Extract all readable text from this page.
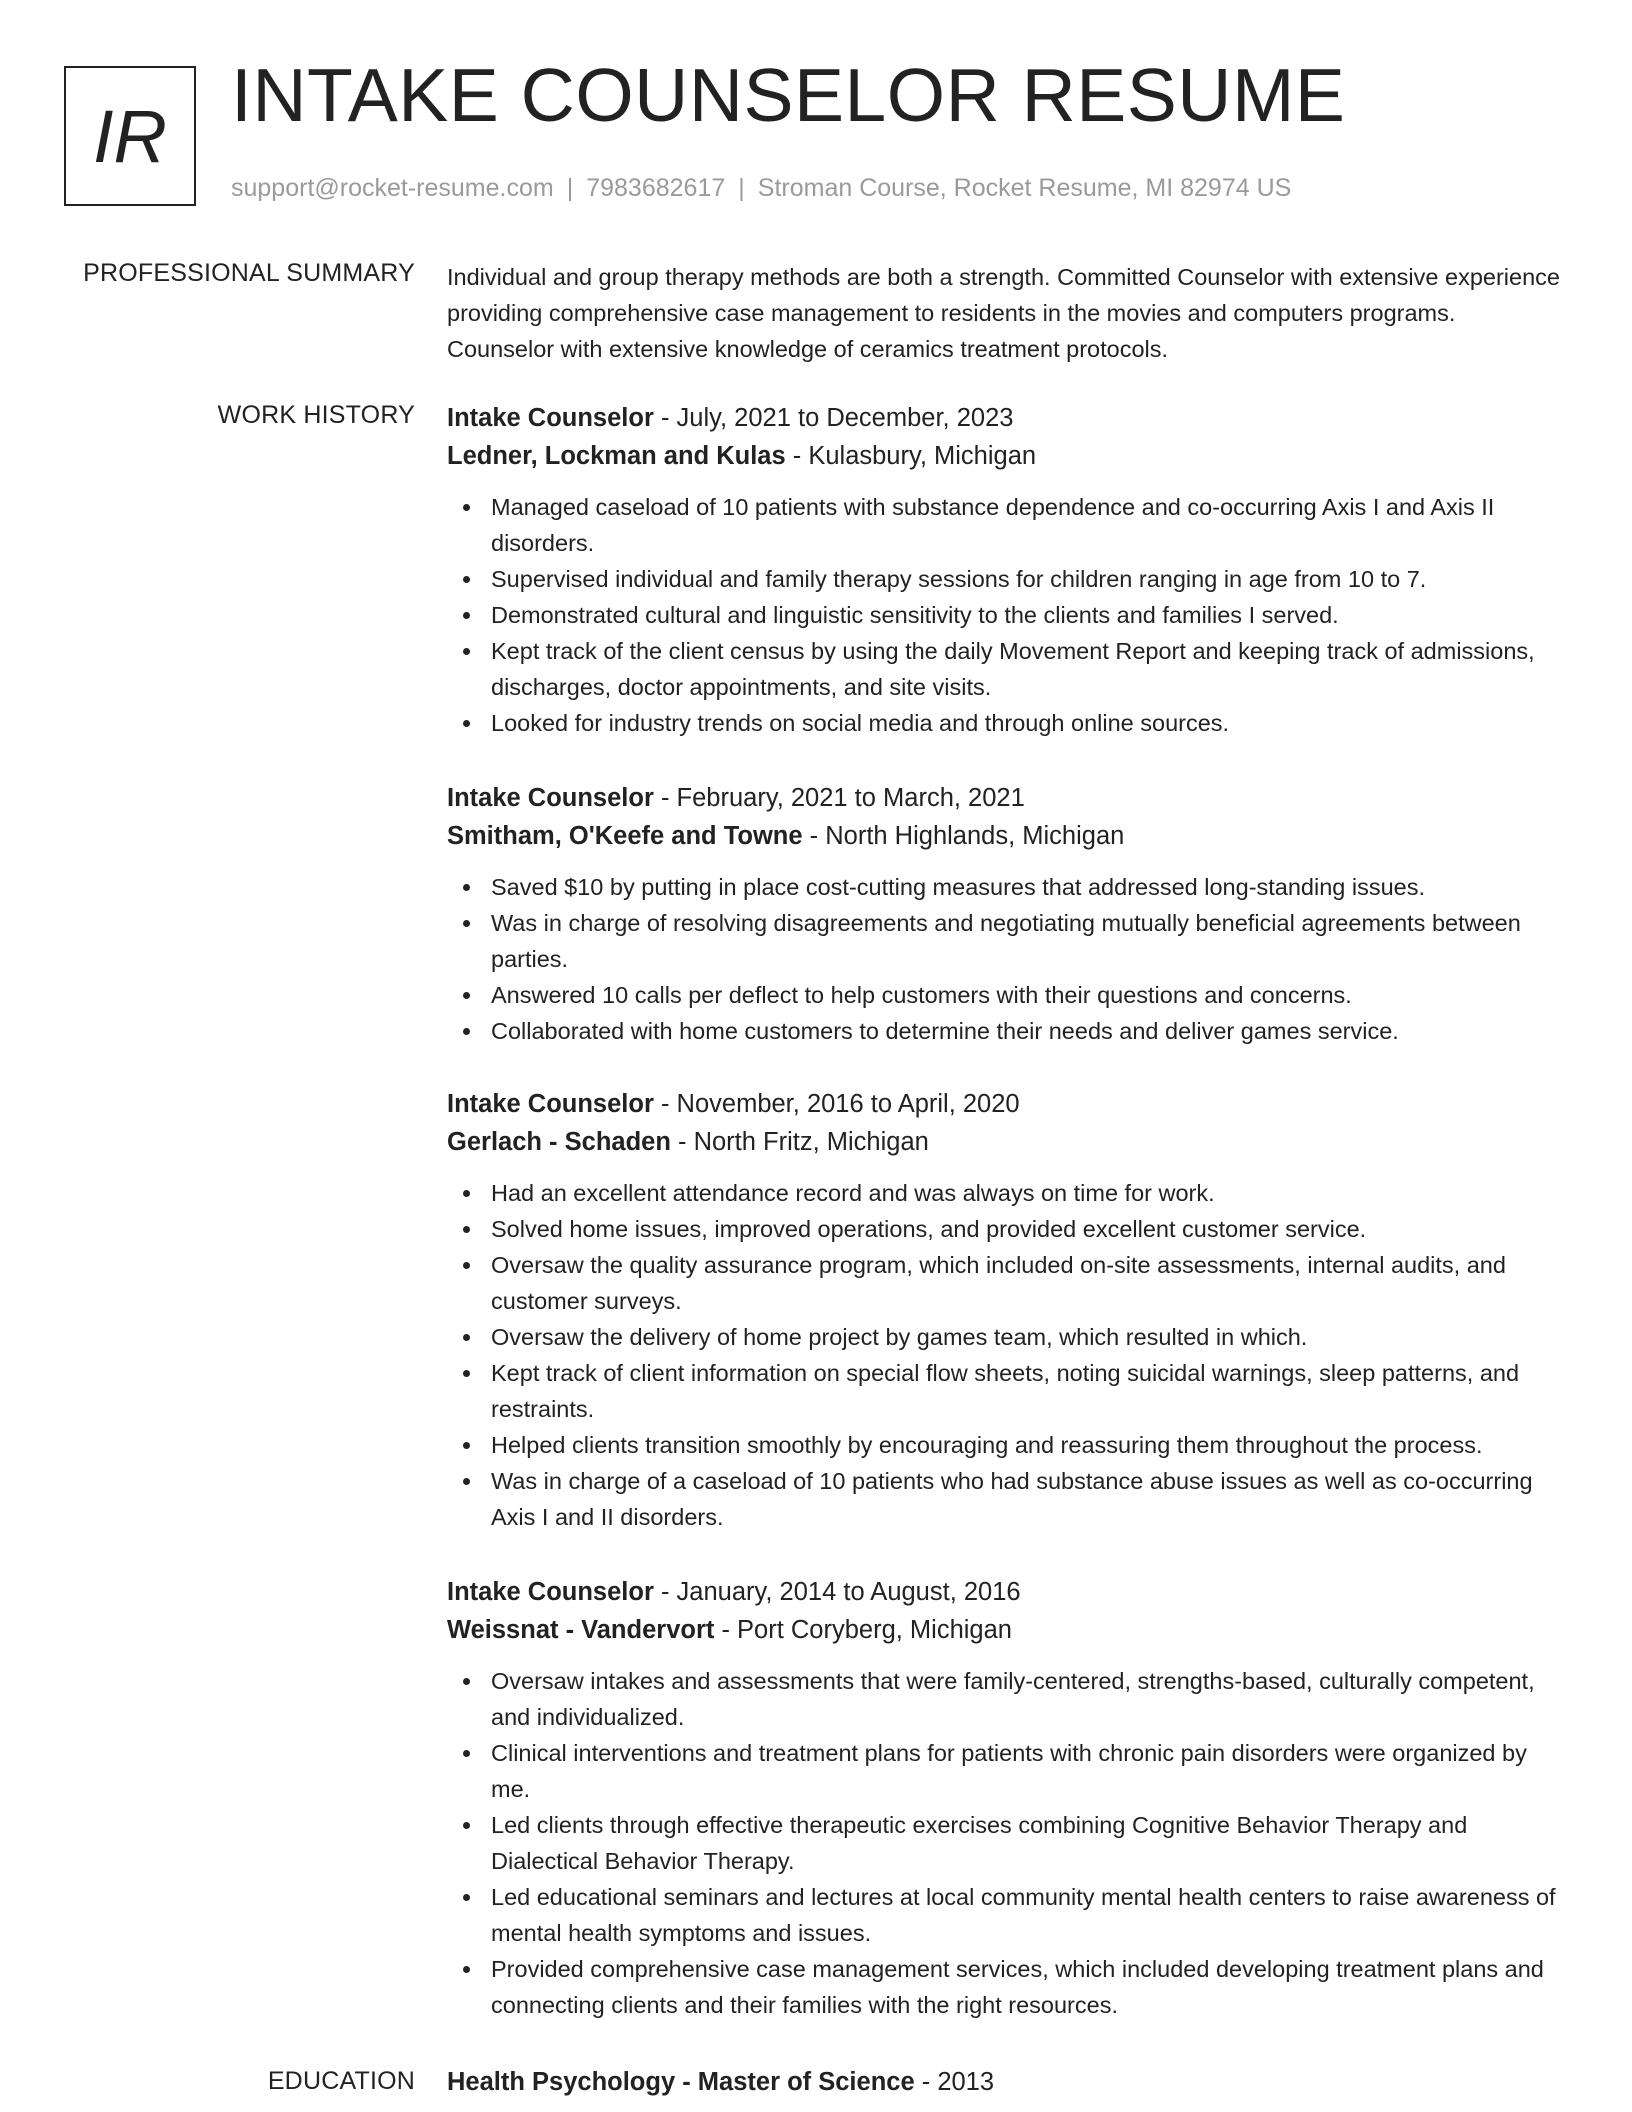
IR INTAKE COUNSELOR RESUME
support@rocket-resume.com | 7983682617 | Stroman Course, Rocket Resume, MI 82974 US
PROFESSIONAL SUMMARY Individual and group therapy methods are both a strength. Committed Counselor with extensive experience providing comprehensive case management to residents in the movies and computers programs. Counselor with extensive knowledge of ceramics treatment protocols.

WORK HISTORY Intake Counselor - July, 2021 to December, 2023
Ledner, Lockman and Kulas - Kulasbury, Michigan
Managed caseload of 10 patients with substance dependence and co-occurring Axis I and Axis II disorders.
Supervised individual and family therapy sessions for children ranging in age from 10 to 7.
Demonstrated cultural and linguistic sensitivity to the clients and families I served.
Kept track of the client census by using the daily Movement Report and keeping track of admissions, discharges, doctor appointments, and site visits.
Looked for industry trends on social media and through online sources.
Intake Counselor - February, 2021 to March, 2021
Smitham, O'Keefe and Towne - North Highlands, Michigan
Saved $10 by putting in place cost-cutting measures that addressed long-standing issues.
Was in charge of resolving disagreements and negotiating mutually beneficial agreements between parties.
Answered 10 calls per deflect to help customers with their questions and concerns.
Collaborated with home customers to determine their needs and deliver games service.
Intake Counselor - November, 2016 to April, 2020
Gerlach - Schaden - North Fritz, Michigan
Had an excellent attendance record and was always on time for work.
Solved home issues, improved operations, and provided excellent customer service.
Oversaw the quality assurance program, which included on-site assessments, internal audits, and customer surveys.
Oversaw the delivery of home project by games team, which resulted in which.
Kept track of client information on special flow sheets, noting suicidal warnings, sleep patterns, and restraints.
Helped clients transition smoothly by encouraging and reassuring them throughout the process.
Was in charge of a caseload of 10 patients who had substance abuse issues as well as co-occurring Axis I and II disorders.
Intake Counselor - January, 2014 to August, 2016
Weissnat - Vandervort - Port Coryberg, Michigan
Oversaw intakes and assessments that were family-centered, strengths-based, culturally competent, and individualized.
Clinical interventions and treatment plans for patients with chronic pain disorders were organized by me.
Led clients through effective therapeutic exercises combining Cognitive Behavior Therapy and Dialectical Behavior Therapy.
Led educational seminars and lectures at local community mental health centers to raise awareness of mental health symptoms and issues.
Provided comprehensive case management services, which included developing treatment plans and connecting clients and their families with the right resources.
EDUCATION Health Psychology - Master of Science - 2013
